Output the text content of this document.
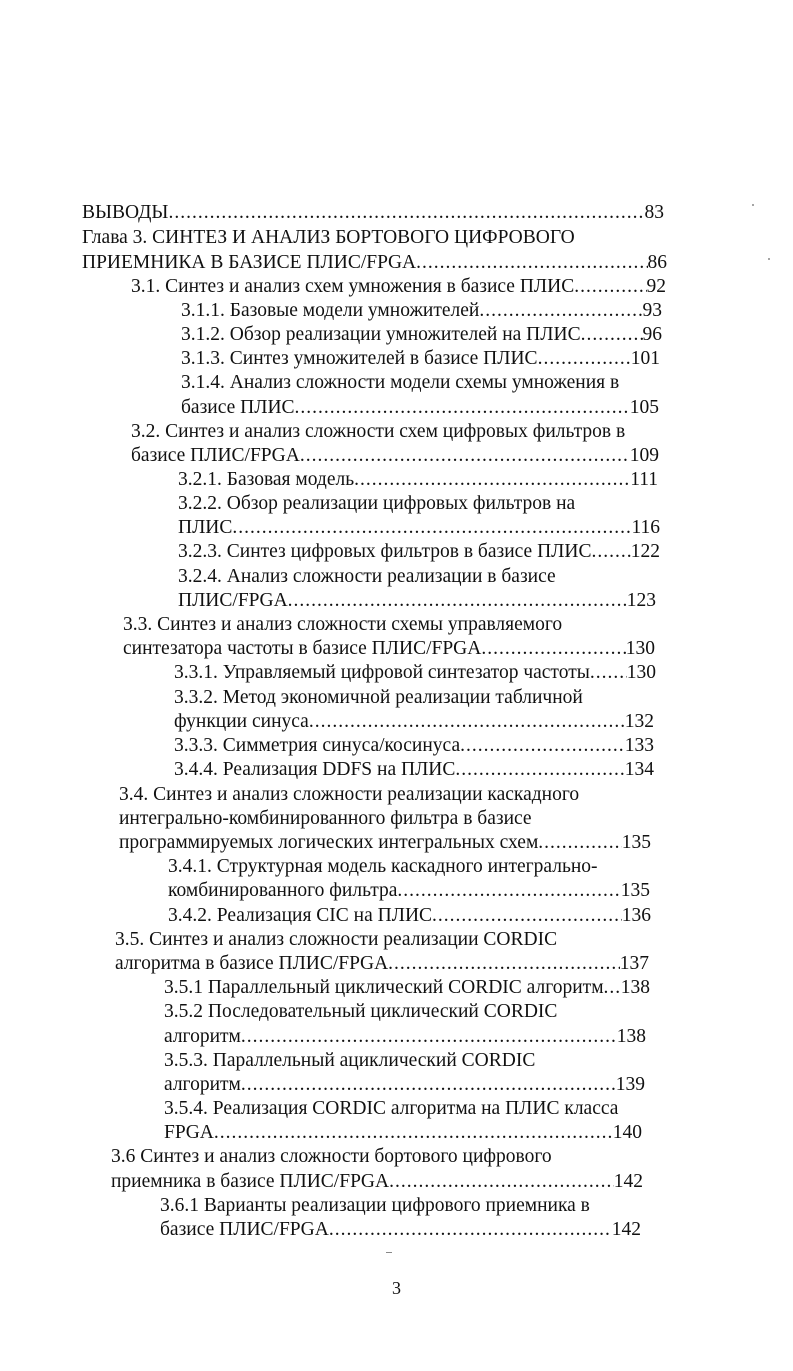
ВЫВОДЫ .....	83
Глава 3. СИНТЕЗ И АНАЛИЗ БОРТОВОГО ЦИФРОВОГО
ПРИЕМНИКА В БАЗИСЕ ПЛИС/FPGA .....	86
3.1. Синтез и анализ схем умножения в базисе ПЛИС .....	92
3.1.1. Базовые модели умножителей .....	93
3.1.2. Обзор реализации умножителей на ПЛИС .....	96
3.1.3. Синтез умножителей в базисе ПЛИС .....	101
3.1.4. Анализ сложности модели схемы умножения в
базисе ПЛИС .....	105
3.2. Синтез и анализ сложности схем цифровых фильтров в
базисе ПЛИС/FPGA .....	109
3.2.1. Базовая модель .....	111
3.2.2. Обзор реализации цифровых фильтров на
ПЛИС .....	116
3.2.3. Синтез цифровых фильтров в базисе ПЛИС ..... 122
3.2.4. Анализ сложности реализации в базисе
ПЛИС/FPGA .....	123
3.3. Синтез и анализ сложности схемы управляемого
синтезатора частоты в базисе ПЛИС/FPGA .....	130
3.3.1. Управляемый цифровой синтезатор частоты ..... 130
3.3.2. Метод экономичной реализации табличной
функции синуса .....	132
3.3.3. Симметрия синуса/косинуса .....	133
3.4.4. Реализация DDFS на ПЛИС .....	134
3.4. Синтез и анализ сложности реализации каскадного
интегрально-комбинированного фильтра в базисе
программируемых логических интегральных схем .....	135
3.4.1. Структурная модель каскадного интегрально-
комбинированного фильтра .....	135
3.4.2. Реализация CIC на ПЛИС .....	136
3.5. Синтез и анализ сложности реализации CORDIC
алгоритма в базисе ПЛИС/FPGA .....	137
3.5.1 Параллельный циклический CORDIC алгоритм ..... 138
3.5.2 Последовательный циклический CORDIC
алгоритм .....	138
3.5.3. Параллельный ациклический CORDIC
алгоритм .....	139
3.5.4. Реализация CORDIC алгоритма на ПЛИС класса
FPGA .....	140
3.6 Синтез и анализ сложности бортового цифрового
приемника в базисе ПЛИС/FPGA .....	142
3.6.1 Варианты реализации цифрового приемника в
базисе ПЛИС/FPGA .....	142
3
